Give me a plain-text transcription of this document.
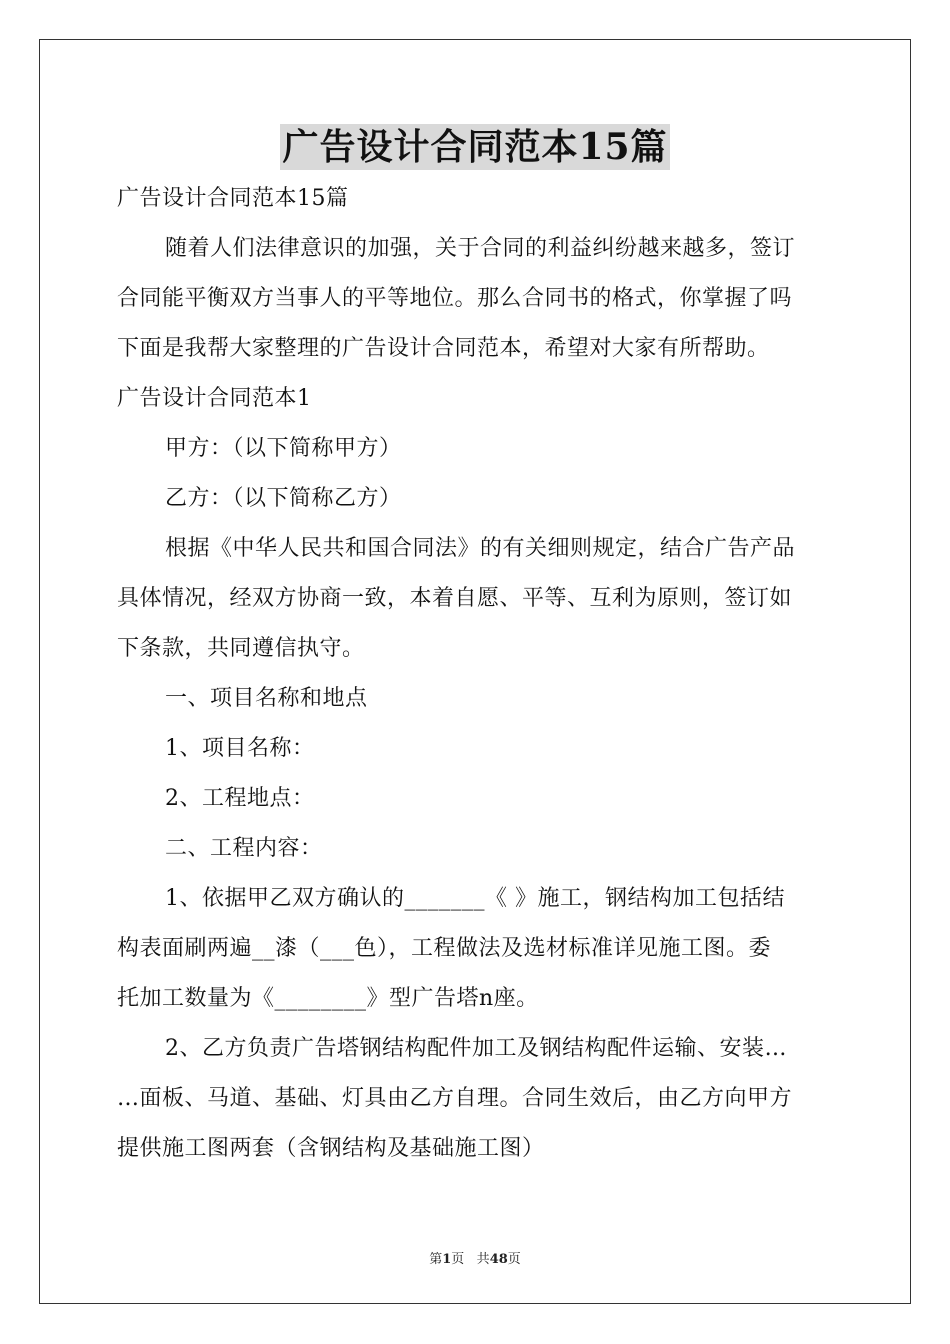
广告设计合同范本15篇
广告设计合同范本15篇
随着人们法律意识的加强，关于合同的利益纠纷越来越多，签订
合同能平衡双方当事人的平等地位。那么合同书的格式，你掌握了吗
下面是我帮大家整理的广告设计合同范本，希望对大家有所帮助。
广告设计合同范本1
甲方：（以下简称甲方）
乙方：（以下简称乙方）
根据《中华人民共和国合同法》的有关细则规定，结合广告产品
具体情况，经双方协商一致，本着自愿、平等、互利为原则，签订如
下条款，共同遵信执守。
一、项目名称和地点
1、项目名称：
2、工程地点：
二、工程内容：
1、依据甲乙双方确认的_______《 》施工，钢结构加工包括结
构表面刷两遍__漆（___色），工程做法及选材标准详见施工图。委
托加工数量为《________》型广告塔n座。
2、乙方负责广告塔钢结构配件加工及钢结构配件运输、安装…
…面板、马道、基础、灯具由乙方自理。合同生效后，由乙方向甲方
提供施工图两套（含钢结构及基础施工图）
第1页 共48页
